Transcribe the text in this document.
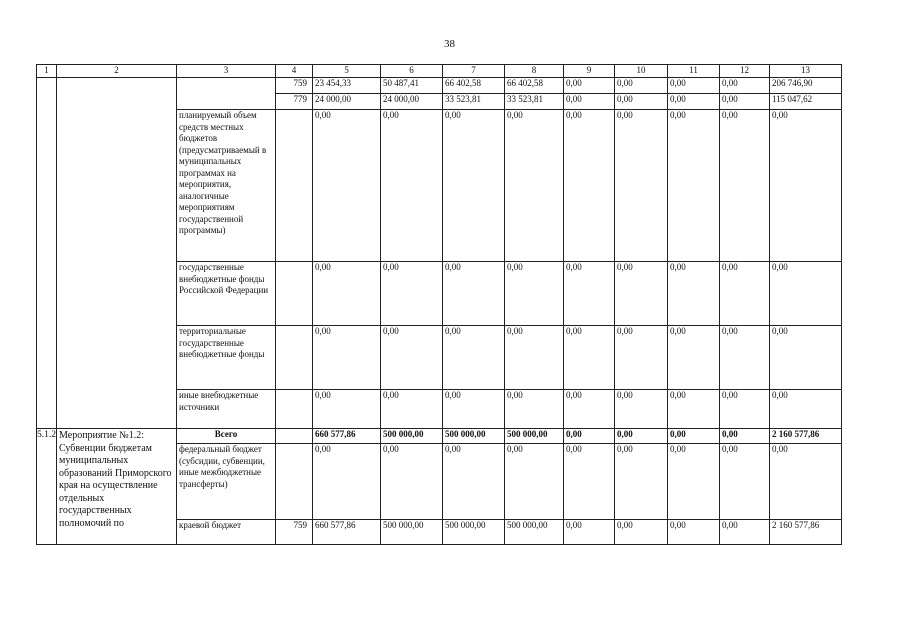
38
1	2	3	4	5	6	7	8	9	10	11	12	13
			759	23 454,33	50 487,41	66 402,58	66 402,58	0,00	0,00	0,00	0,00	206 746,90
			779	24 000,00	24 000,00	33 523,81	33 523,81	0,00	0,00	0,00	0,00	115 047,62
		планируемый объем средств местных бюджетов (предусматриваемый в муниципальных программах на мероприятия, аналогичные мероприятиям государственной программы)		0,00	0,00	0,00	0,00	0,00	0,00	0,00	0,00	0,00
		государственные внебюджетные фонды Российской Федерации		0,00	0,00	0,00	0,00	0,00	0,00	0,00	0,00	0,00
		территориальные государственные внебюджетные фонды		0,00	0,00	0,00	0,00	0,00	0,00	0,00	0,00	0,00
		иные внебюджетные источники		0,00	0,00	0,00	0,00	0,00	0,00	0,00	0,00	0,00
5.1.2	Мероприятие №1.2: Субвенции бюджетам муниципальных образований Приморского края на осуществление отдельных государственных полномочий по	Всего		660 577,86	500 000,00	500 000,00	500 000,00	0,00	0,00	0,00	0,00	2 160 577,86
		федеральный бюджет (субсидии, субвенции, иные межбюджетные трансферты)		0,00	0,00	0,00	0,00	0,00	0,00	0,00	0,00	0,00
		краевой бюджет	759	660 577,86	500 000,00	500 000,00	500 000,00	0,00	0,00	0,00	0,00	2 160 577,86
